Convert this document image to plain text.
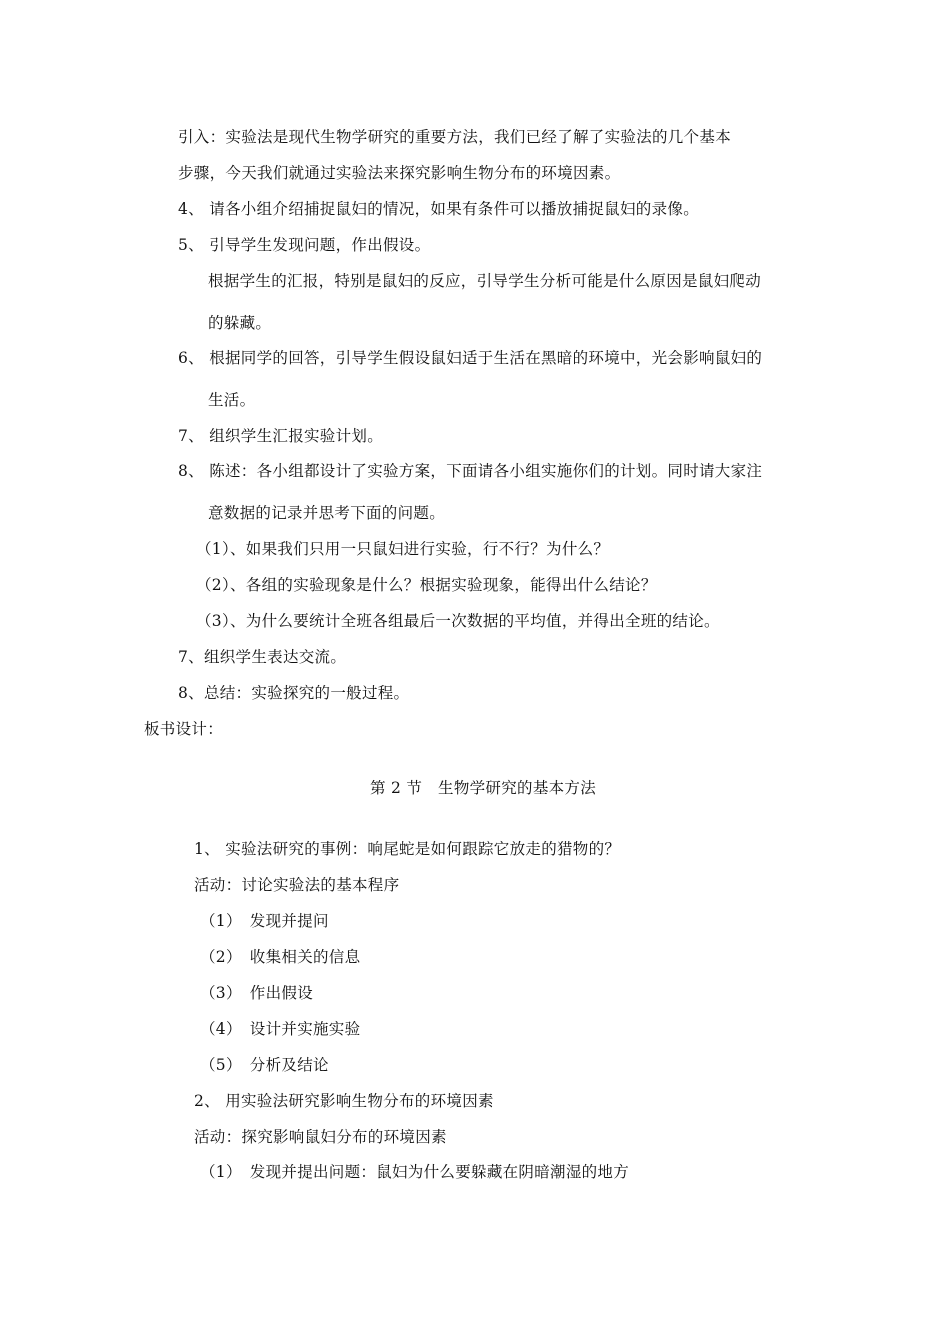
引入：实验法是现代生物学研究的重要方法，我们已经了解了实验法的几个基本
步骤，今天我们就通过实验法来探究影响生物分布的环境因素。
4、 请各小组介绍捕捉鼠妇的情况，如果有条件可以播放捕捉鼠妇的录像。
5、 引导学生发现问题，作出假设。
根据学生的汇报，特别是鼠妇的反应，引导学生分析可能是什么原因是鼠妇爬动
的躲藏。
6、 根据同学的回答，引导学生假设鼠妇适于生活在黑暗的环境中，光会影响鼠妇的
生活。
7、 组织学生汇报实验计划。
8、 陈述：各小组都设计了实验方案，下面请各小组实施你们的计划。同时请大家注
意数据的记录并思考下面的问题。
（1）、如果我们只用一只鼠妇进行实验，行不行？为什么？
（2）、各组的实验现象是什么？根据实验现象，能得出什么结论？
（3）、为什么要统计全班各组最后一次数据的平均值，并得出全班的结论。
7、组织学生表达交流。
8、总结：实验探究的一般过程。
板书设计：
第 2 节　生物学研究的基本方法
1、 实验法研究的事例：响尾蛇是如何跟踪它放走的猎物的？
活动：讨论实验法的基本程序
（1）　发现并提问
（2）　收集相关的信息
（3）　作出假设
（4）　设计并实施实验
（5）　分析及结论
2、 用实验法研究影响生物分布的环境因素
活动：探究影响鼠妇分布的环境因素
（1）　发现并提出问题：鼠妇为什么要躲藏在阴暗潮湿的地方
